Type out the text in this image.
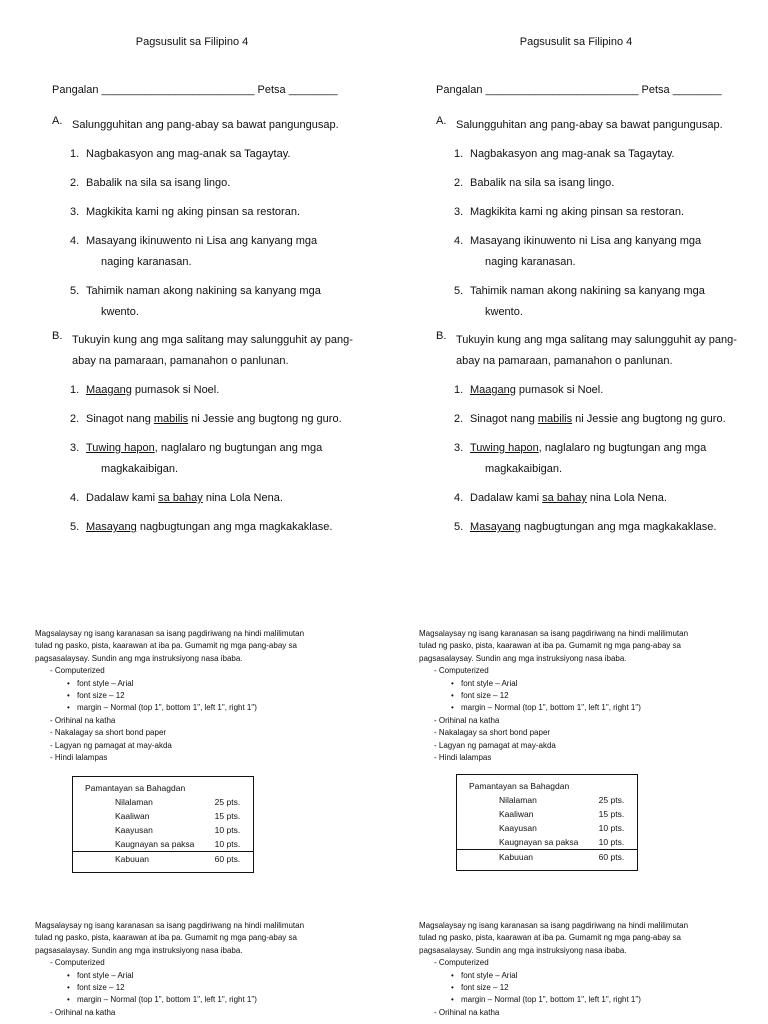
Pagsusulit sa Filipino 4
Pangalan _________________________ Petsa ________
A. Salungguhitan ang pang-abay sa bawat pangungusap.
1. Nagbakasyon ang mag-anak sa Tagaytay.
2. Babalik na sila sa isang lingo.
3. Magkikita kami ng aking pinsan sa restoran.
4. Masayang ikinuwento ni Lisa ang kanyang mga
naging karanasan.
5. Tahimik naman akong nakining sa kanyang mga
kwento.
B. Tukuyin kung ang mga salitang may salungguhit ay pang-abay na pamaraan, pamanahon o panlunan.
1. Maagang pumasok si Noel.
2. Sinagot nang mabilis ni Jessie ang bugtong ng guro.
3. Tuwing hapon, naglalaro ng bugtungan ang mga
magkakaibigan.
4. Dadalaw kami sa bahay nina Lola Nena.
5. Masayang nagbugtungan ang mga magkakaklase.

Magsalaysay ng isang karanasan sa isang pagdiriwang na hindi malilimutan

tulad ng pasko, pista, kaarawan at iba pa. Gumamit ng mga pang-abay sa

pagsasalaysay. Sundin ang mga instruksiyong nasa ibaba.

- Computerized
• font style – Arial
• font size – 12
• margin – Normal (top 1", bottom 1", left 1", right 1")
- Orihinal na katha
- Nakalagay sa short bond paper
- Lagyan ng pamagat at may-akda
- Hindi lalampas
Pamantayan sa Bahagdan
Nilalaman	25 pts.
Kaaliwan	15 pts.
Kaayusan	10 pts.
Kaugnayan sa paksa	10 pts.
Kabuuan	60 pts.

Magsalaysay ng isang karanasan sa isang pagdiriwang na hindi malilimutan

tulad ng pasko, pista, kaarawan at iba pa. Gumamit ng mga pang-abay sa

pagsasalaysay. Sundin ang mga instruksiyong nasa ibaba.

- Computerized
• font style – Arial
• font size – 12
• margin – Normal (top 1", bottom 1", left 1", right 1")
- Orihinal na katha
Pagsusulit sa Filipino 4
Pangalan _________________________ Petsa ________
A. Salungguhitan ang pang-abay sa bawat pangungusap.
1. Nagbakasyon ang mag-anak sa Tagaytay.
2. Babalik na sila sa isang lingo.
3. Magkikita kami ng aking pinsan sa restoran.
4. Masayang ikinuwento ni Lisa ang kanyang mga
naging karanasan.
5. Tahimik naman akong nakining sa kanyang mga
kwento.
B. Tukuyin kung ang mga salitang may salungguhit ay pang-abay na pamaraan, pamanahon o panlunan.
1. Maagang pumasok si Noel.
2. Sinagot nang mabilis ni Jessie ang bugtong ng guro.
3. Tuwing hapon, naglalaro ng bugtungan ang mga
magkakaibigan.
4. Dadalaw kami sa bahay nina Lola Nena.
5. Masayang nagbugtungan ang mga magkakaklase.

Magsalaysay ng isang karanasan sa isang pagdiriwang na hindi malilimutan

tulad ng pasko, pista, kaarawan at iba pa. Gumamit ng mga pang-abay sa

pagsasalaysay. Sundin ang mga instruksiyong nasa ibaba.

- Computerized
• font style – Arial
• font size – 12
• margin – Normal (top 1", bottom 1", left 1", right 1")
- Orihinal na katha
- Nakalagay sa short bond paper
- Lagyan ng pamagat at may-akda
- Hindi lalampas
Pamantayan sa Bahagdan
Nilalaman	25 pts.
Kaaliwan	15 pts.
Kaayusan	10 pts.
Kaugnayan sa paksa	10 pts.
Kabuuan	60 pts.

Magsalaysay ng isang karanasan sa isang pagdiriwang na hindi malilimutan

tulad ng pasko, pista, kaarawan at iba pa. Gumamit ng mga pang-abay sa

pagsasalaysay. Sundin ang mga instruksiyong nasa ibaba.

- Computerized
• font style – Arial
• font size – 12
• margin – Normal (top 1", bottom 1", left 1", right 1")
- Orihinal na katha
